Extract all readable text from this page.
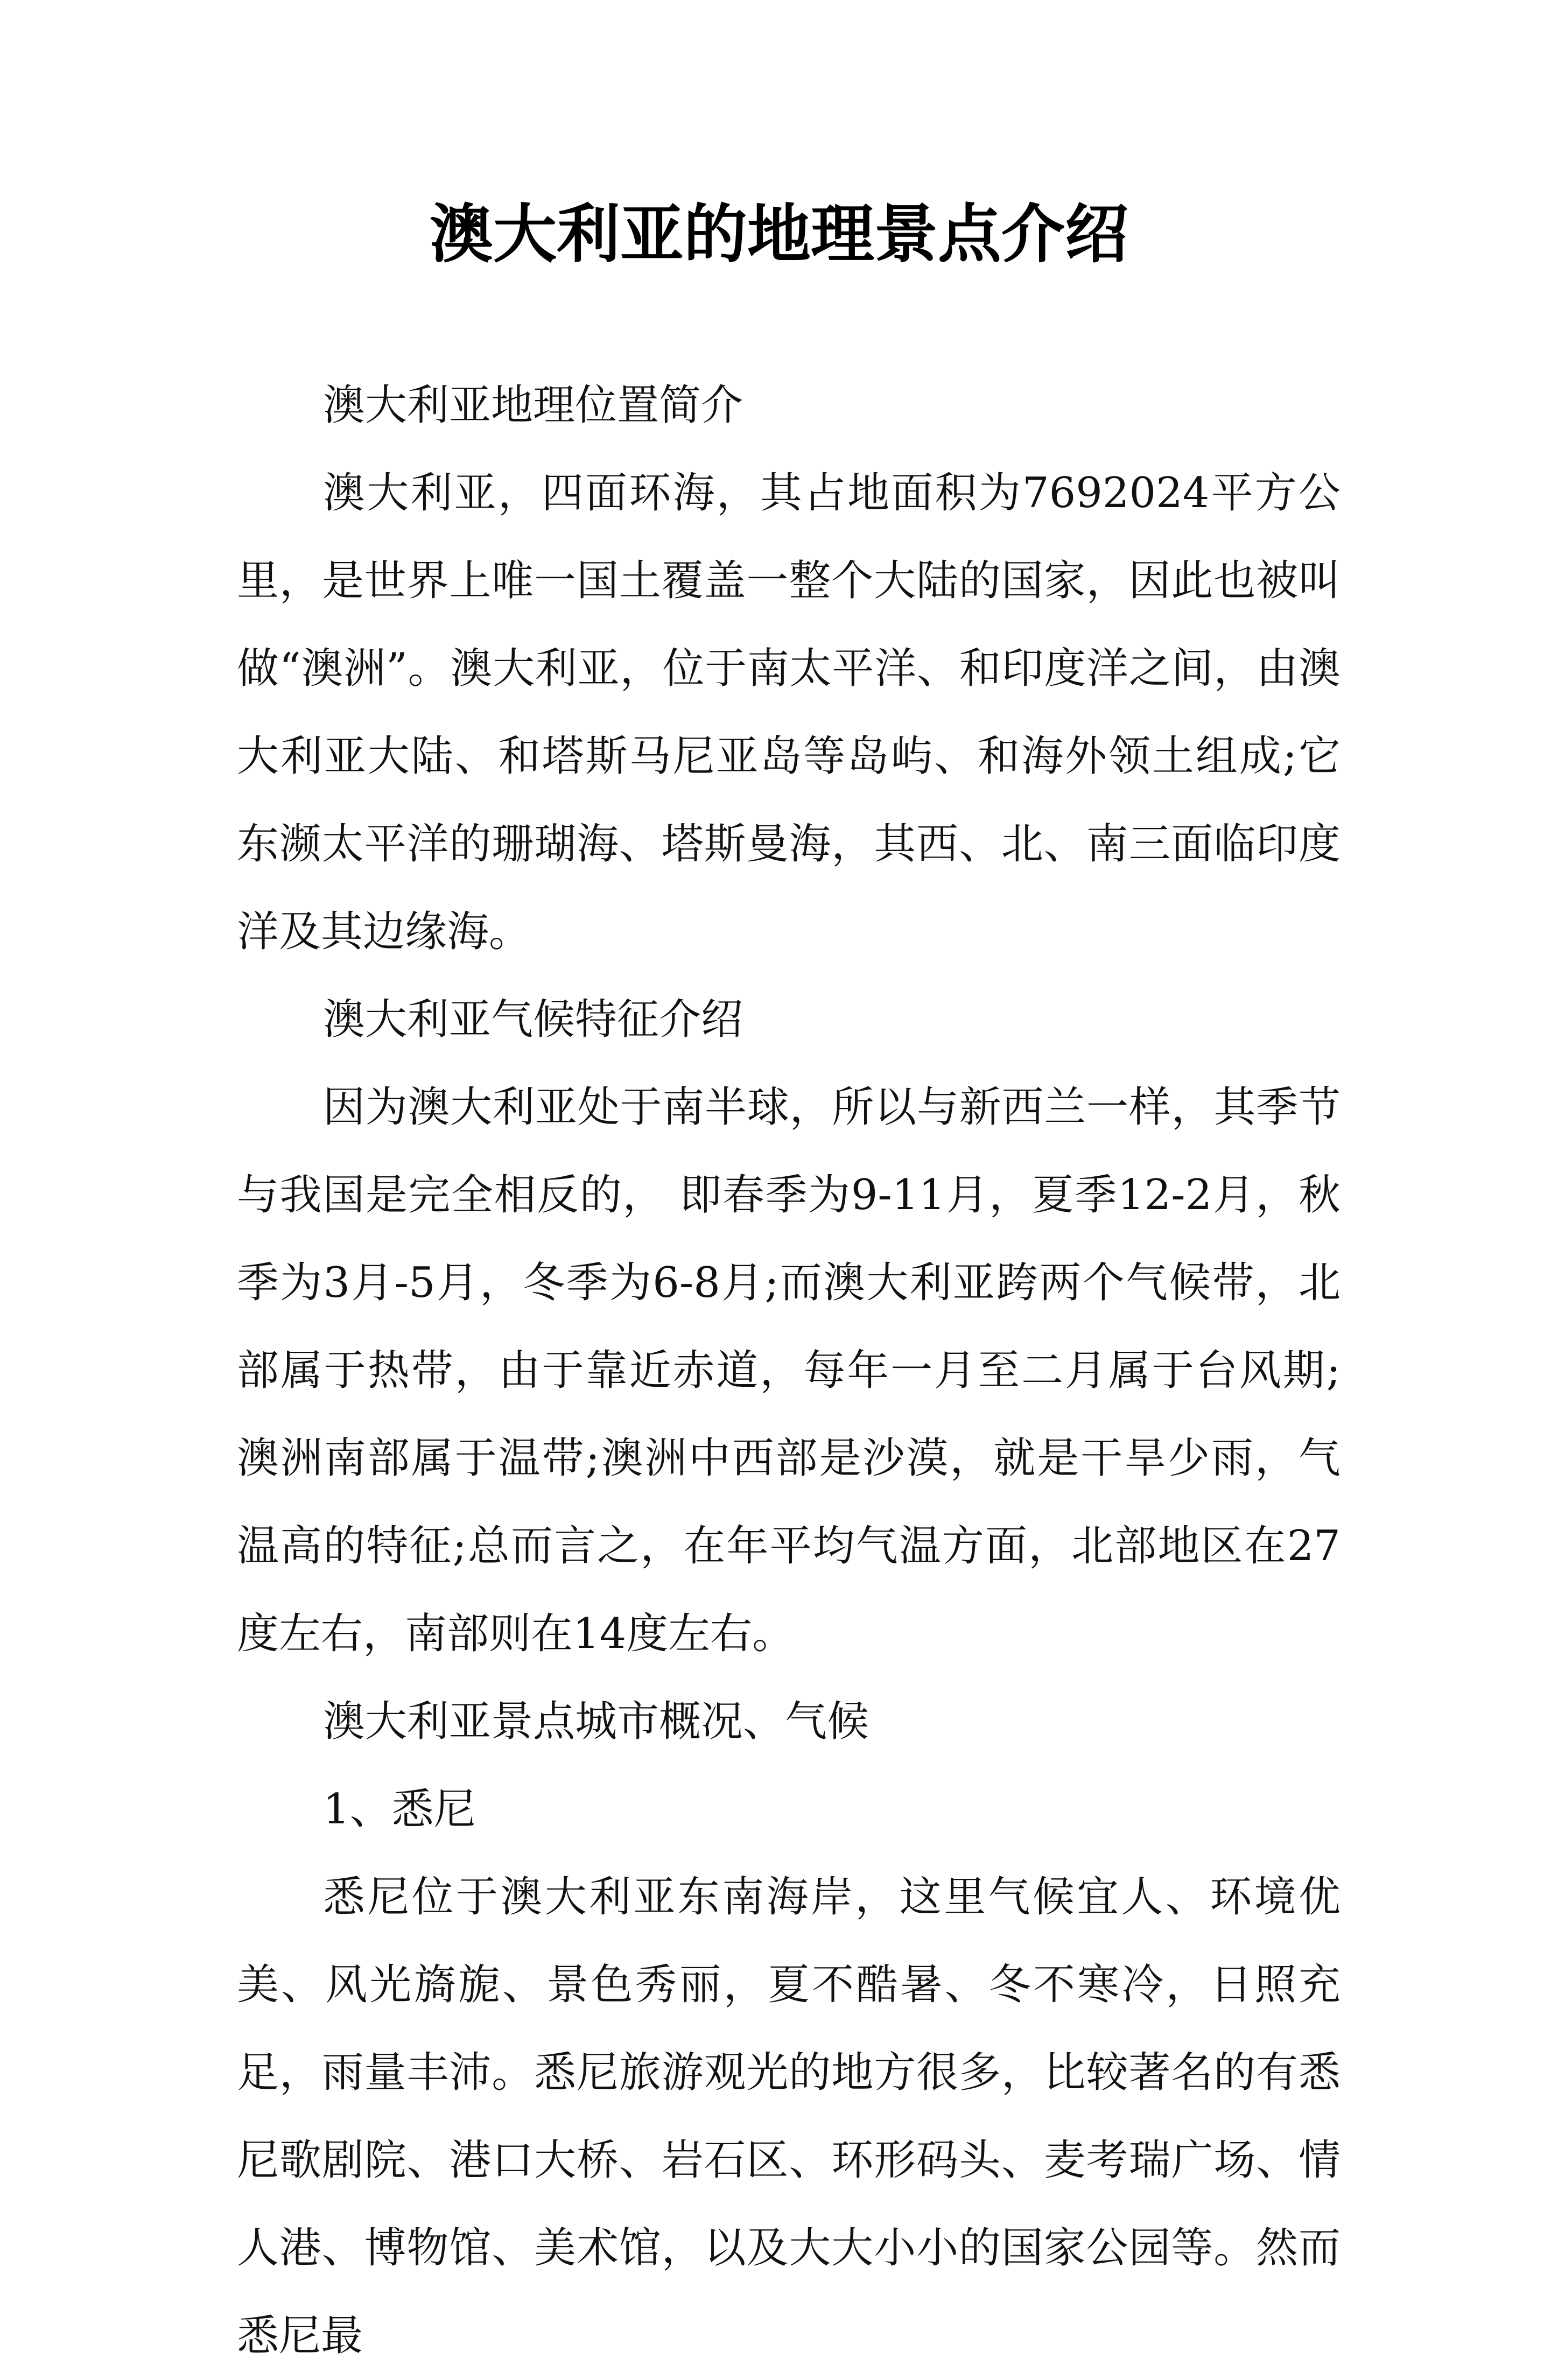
澳大利亚的地理景点介绍

澳大利亚地理位置简介

澳大利亚，四面环海，其占地面积为7692024平方公里，是世界上唯一国土覆盖一整个大陆的国家，因此也被叫做“澳洲”。澳大利亚，位于南太平洋、和印度洋之间，由澳大利亚大陆、和塔斯马尼亚岛等岛屿、和海外领土组成;它东濒太平洋的珊瑚海、塔斯曼海，其西、北、南三面临印度洋及其边缘海。

澳大利亚气候特征介绍

因为澳大利亚处于南半球，所以与新西兰一样，其季节与我国是完全相反的， 即春季为9-11月，夏季12-2月，秋季为3月-5月，冬季为6-8月;而澳大利亚跨两个气候带，北部属于热带，由于靠近赤道，每年一月至二月属于台风期;澳洲南部属于温带;澳洲中西部是沙漠，就是干旱少雨，气温高的特征;总而言之，在年平均气温方面，北部地区在27度左右，南部则在14度左右。

澳大利亚景点城市概况、气候

1、悉尼

悉尼位于澳大利亚东南海岸，这里气候宜人、环境优美、风光旖旎、景色秀丽，夏不酷暑、冬不寒冷，日照充足，雨量丰沛。悉尼旅游观光的地方很多，比较著名的有悉尼歌剧院、港口大桥、岩石区、环形码头、麦考瑞广场、情人港、博物馆、美术馆，以及大大小小的国家公园等。然而悉尼最
